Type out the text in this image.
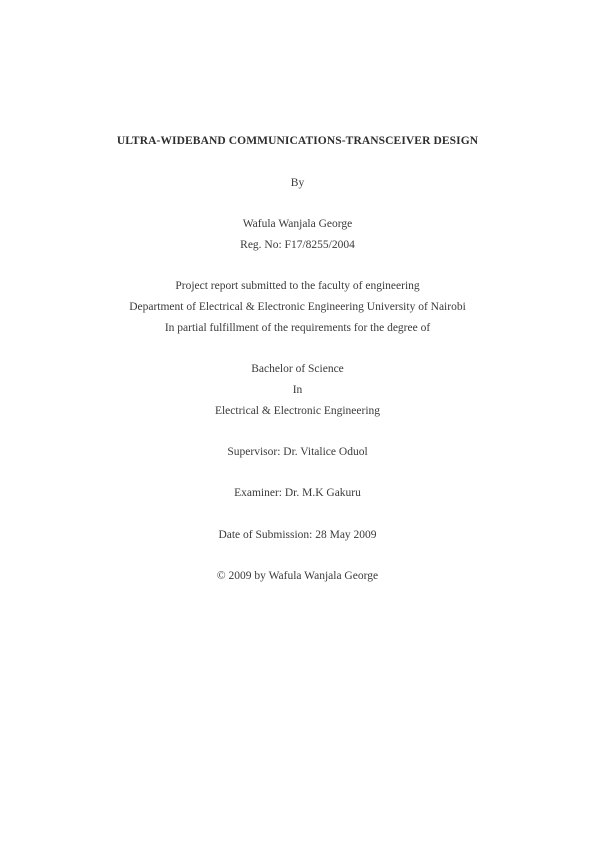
ULTRA-WIDEBAND COMMUNICATIONS-TRANSCEIVER DESIGN
By
Wafula Wanjala George
Reg. No: F17/8255/2004
Project report submitted to the faculty of engineering
Department of Electrical & Electronic Engineering University of Nairobi
In partial fulfillment of the requirements for the degree of
Bachelor of Science
In
Electrical & Electronic Engineering
Supervisor: Dr. Vitalice Oduol
Examiner: Dr. M.K Gakuru
Date of Submission: 28 May 2009
© 2009 by Wafula Wanjala George
